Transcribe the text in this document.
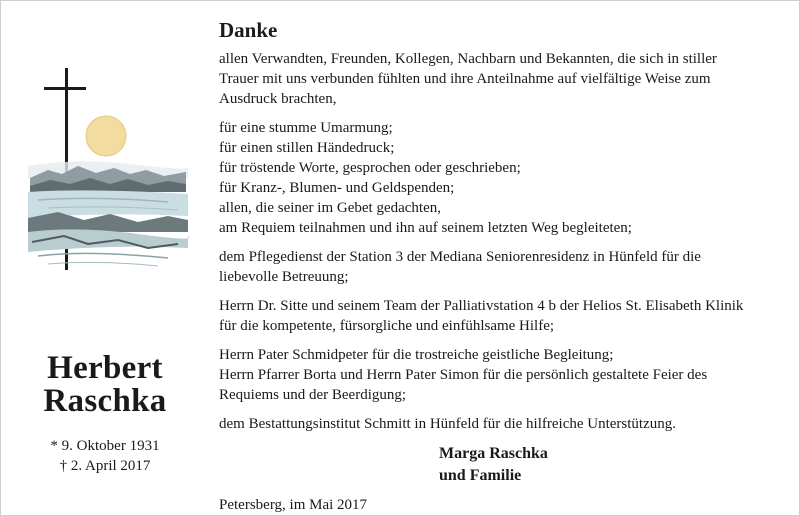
Herbert
Raschka
* 9. Oktober 1931
† 2. April 2017
Danke
allen Verwandten, Freunden, Kollegen, Nachbarn und Bekannten, die sich in stiller
Trauer mit uns verbunden fühlten und ihre Anteilnahme auf vielfältige Weise zum
Ausdruck brachten,
für eine stumme Umarmung;
für einen stillen Händedruck;
für tröstende Worte, gesprochen oder geschrieben;
für Kranz-, Blumen- und Geldspenden;
allen, die seiner im Gebet gedachten,
am Requiem teilnahmen und ihn auf seinem letzten Weg begleiteten;
dem Pflegedienst der Station 3 der Mediana Seniorenresidenz in Hünfeld für die
liebevolle Betreuung;
Herrn Dr. Sitte und seinem Team der Palliativstation 4 b der Helios St. Elisabeth Klinik
für die kompetente, fürsorgliche und einfühlsame Hilfe;
Herrn Pater Schmidpeter für die trostreiche geistliche Begleitung;
Herrn Pfarrer Borta und Herrn Pater Simon für die persönlich gestaltete Feier des
Requiems und der Beerdigung;
dem Bestattungsinstitut Schmitt in Hünfeld für die hilfreiche Unterstützung.
Marga Raschka
und Familie
Petersberg, im Mai 2017
